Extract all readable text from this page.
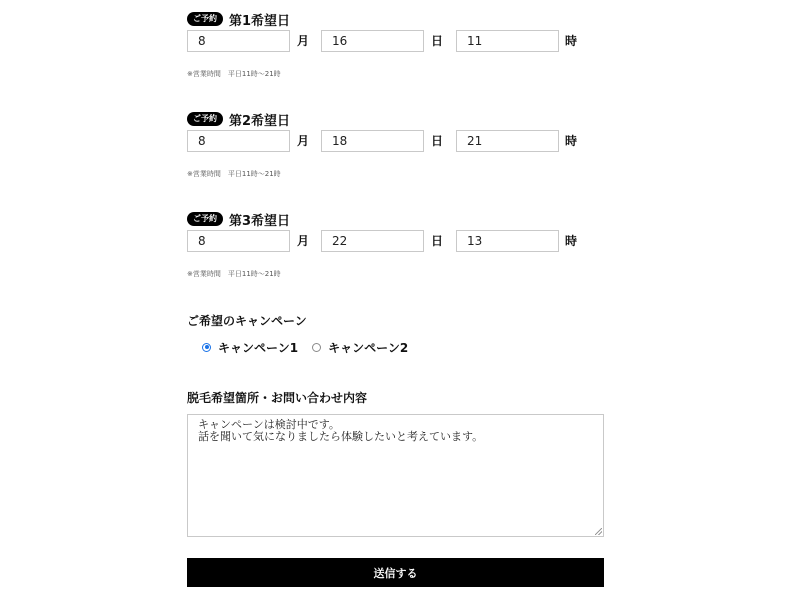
ご予約 第1希望日
8
月
16	日
11	時
※営業時間　平日11時～21時
ご予約 第2希望日
8
月
18	日
21	時
※営業時間　平日11時～21時
ご予約 第3希望日
8
月
22	日
13	時
※営業時間　平日11時～21時
ご希望のキャンペーン
キャンペーン1	キャンペーン2
脱毛希望箇所・お問い合わせ内容
キャンペーンは検討中です。
話を聞いて気になりましたら体験したいと考えています。
送信する
